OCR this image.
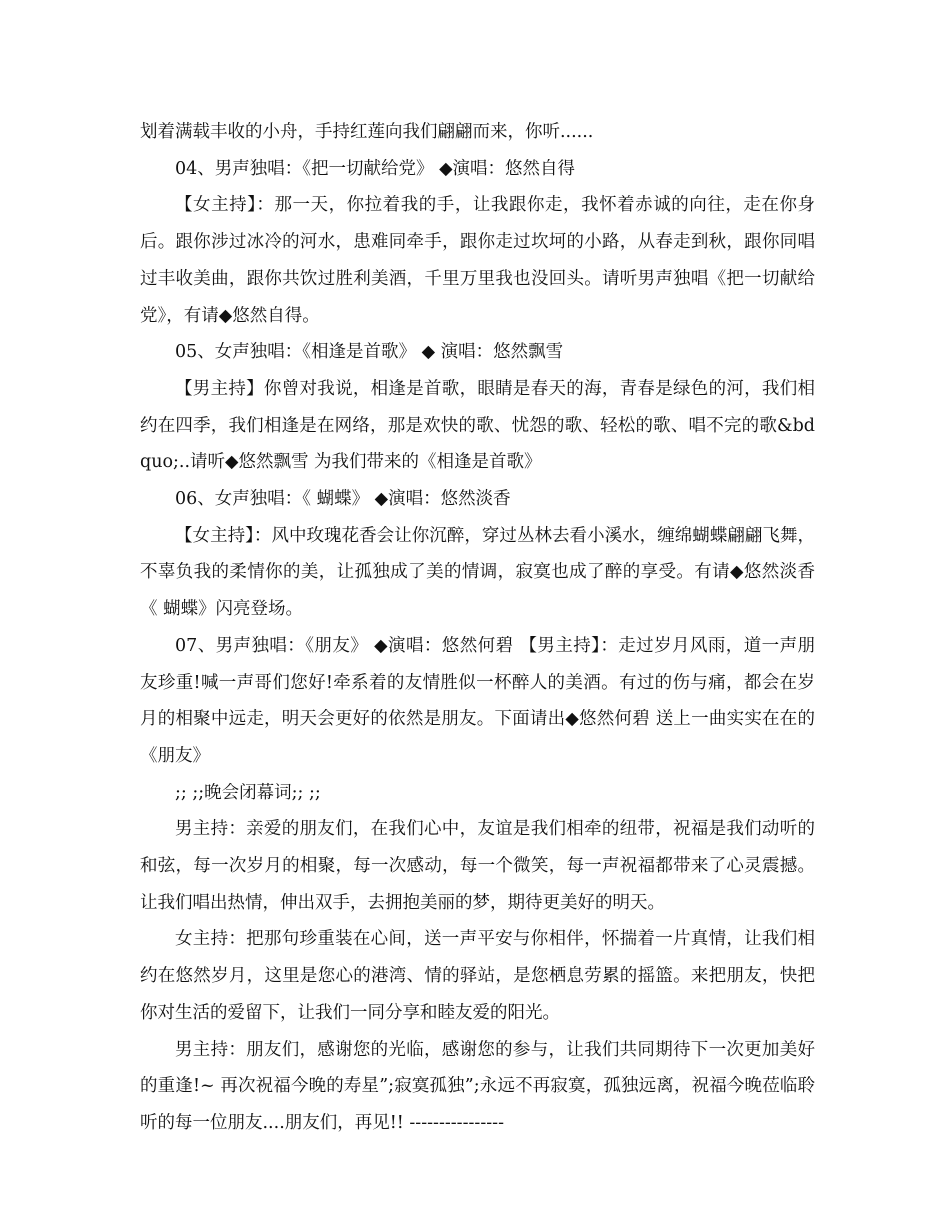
划着满载丰收的小舟，手持红莲向我们翩翩而来，你听......

04、男声独唱：《把一切献给党》 ◆演唱：悠然自得

【女主持】：那一天，你拉着我的手，让我跟你走，我怀着赤诚的向往，走在你身后。跟你涉过冰冷的河水，患难同牵手，跟你走过坎坷的小路，从春走到秋，跟你同唱过丰收美曲，跟你共饮过胜利美酒，千里万里我也没回头。请听男声独唱《把一切献给党》，有请◆悠然自得。

05、女声独唱：《相逢是首歌》 ◆ 演唱：悠然飘雪

【男主持】你曾对我说，相逢是首歌，眼睛是春天的海，青春是绿色的河，我们相约在四季，我们相逢是在网络，那是欢快的歌、忧怨的歌、轻松的歌、唱不完的歌&bdquo;..请听◆悠然飘雪 为我们带来的《相逢是首歌》

06、女声独唱：《 蝴蝶》 ◆演唱：悠然淡香

【女主持】：风中玫瑰花香会让你沉醉，穿过丛林去看小溪水，缠绵蝴蝶翩翩飞舞，不辜负我的柔情你的美，让孤独成了美的情调，寂寞也成了醉的享受。有请◆悠然淡香 《 蝴蝶》闪亮登场。

07、男声独唱：《朋友》 ◆演唱：悠然何碧 【男主持】：走过岁月风雨，道一声朋友珍重!喊一声哥们您好!牵系着的友情胜似一杯醉人的美酒。有过的伤与痛，都会在岁月的相聚中远走，明天会更好的依然是朋友。下面请出◆悠然何碧 送上一曲实实在在的《朋友》

;; ;;晚会闭幕词;; ;;

男主持：亲爱的朋友们，在我们心中，友谊是我们相牵的纽带，祝福是我们动听的和弦，每一次岁月的相聚，每一次感动，每一个微笑，每一声祝福都带来了心灵震撼。让我们唱出热情，伸出双手，去拥抱美丽的梦，期待更美好的明天。

女主持：把那句珍重装在心间，送一声平安与你相伴，怀揣着一片真情，让我们相约在悠然岁月，这里是您心的港湾、情的驿站，是您栖息劳累的摇篮。来把朋友，快把你对生活的爱留下，让我们一同分享和睦友爱的阳光。

男主持：朋友们，感谢您的光临，感谢您的参与，让我们共同期待下一次更加美好的重逢!~ 再次祝福今晚的寿星”;寂寞孤独”;永远不再寂寞，孤独远离，祝福今晚莅临聆听的每一位朋友....朋友们，再见!! ----------------
